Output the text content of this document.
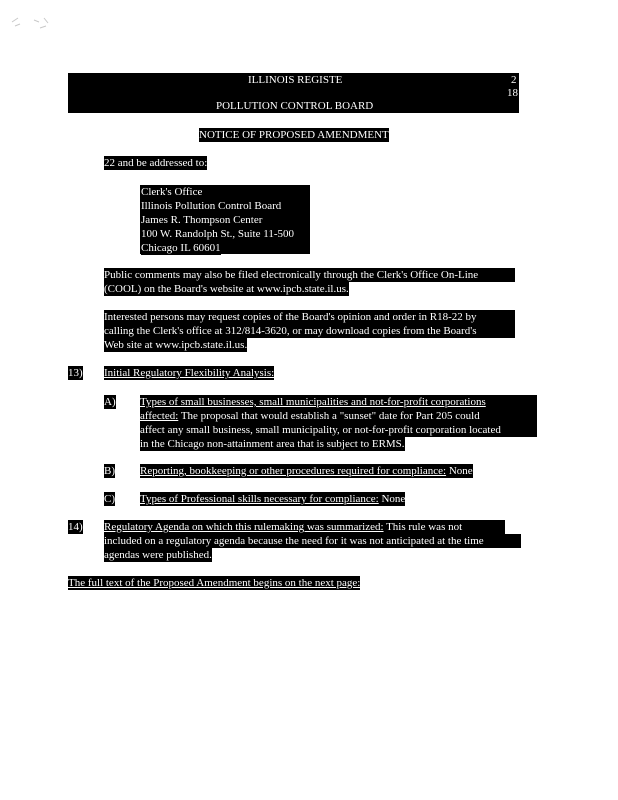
ILLINOIS REGISTE	2
18
POLLUTION CONTROL BOARD
NOTICE OF PROPOSED AMENDMENT
22 and be addressed to:
Clerk's Office
Illinois Pollution Control Board
James R. Thompson Center
100 W. Randolph St., Suite 11-500
Chicago IL 60601
Public comments may also be filed electronically through the Clerk's Office On-Line
(COOL) on the Board's website at www.ipcb.state.il.us.
Interested persons may request copies of the Board's opinion and order in R18-22 by
calling the Clerk's office at 312/814-3620, or may download copies from the Board's
Web site at www.ipcb.state.il.us.
13) Initial Regulatory Flexibility Analysis:
A) Types of small businesses, small municipalities and not-for-profit corporations
affected: The proposal that would establish a "sunset" date for Part 205 could
affect any small business, small municipality, or not-for-profit corporation located
in the Chicago non-attainment area that is subject to ERMS.
B) Reporting, bookkeeping or other procedures required for compliance: None
C) Types of Professional skills necessary for compliance: None
14) Regulatory Agenda on which this rulemaking was summarized: This rule was not
included on a regulatory agenda because the need for it was not anticipated at the time
agendas were published.
The full text of the Proposed Amendment begins on the next page:
